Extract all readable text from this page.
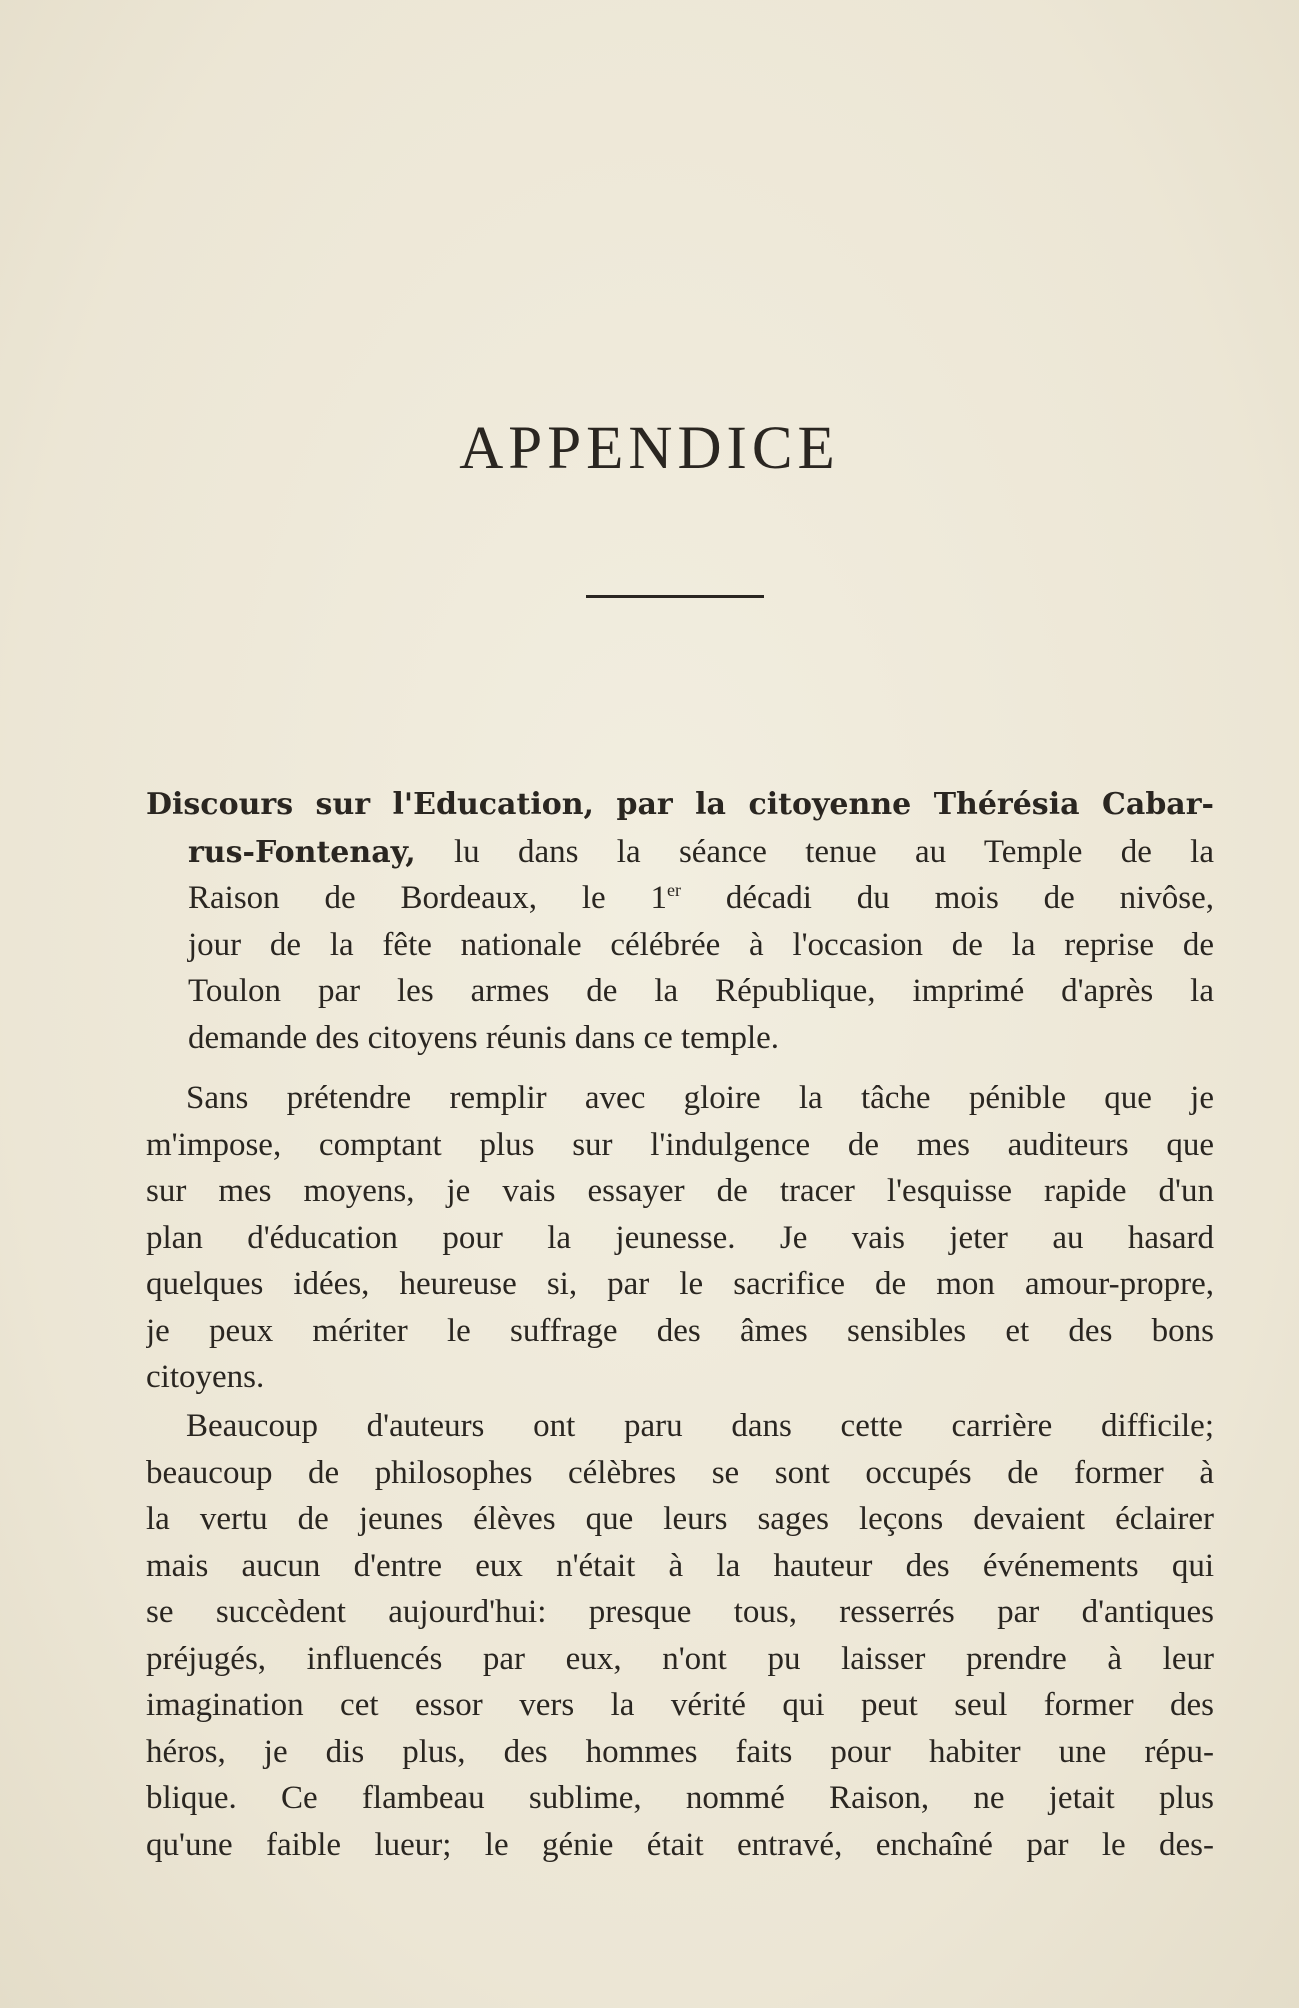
APPENDICE
Discours sur l'Education, par la citoyenne Thérésia Cabar-
rus-Fontenay, lu dans la séance tenue au Temple de la
Raison de Bordeaux, le 1er décadi du mois de nivôse,
jour de la fête nationale célébrée à l'occasion de la reprise de
Toulon par les armes de la République, imprimé d'après la
demande des citoyens réunis dans ce temple.
Sans prétendre remplir avec gloire la tâche pénible que je
m'impose, comptant plus sur l'indulgence de mes auditeurs que
sur mes moyens, je vais essayer de tracer l'esquisse rapide d'un
plan d'éducation pour la jeunesse. Je vais jeter au hasard
quelques idées, heureuse si, par le sacrifice de mon amour-propre,
je peux mériter le suffrage des âmes sensibles et des bons
citoyens.
Beaucoup d'auteurs ont paru dans cette carrière difficile;
beaucoup de philosophes célèbres se sont occupés de former à
la vertu de jeunes élèves que leurs sages leçons devaient éclairer
mais aucun d'entre eux n'était à la hauteur des événements qui
se succèdent aujourd'hui: presque tous, resserrés par d'antiques
préjugés, influencés par eux, n'ont pu laisser prendre à leur
imagination cet essor vers la vérité qui peut seul former des
héros, je dis plus, des hommes faits pour habiter une répu-
blique. Ce flambeau sublime, nommé Raison, ne jetait plus
qu'une faible lueur; le génie était entravé, enchaîné par le des-
